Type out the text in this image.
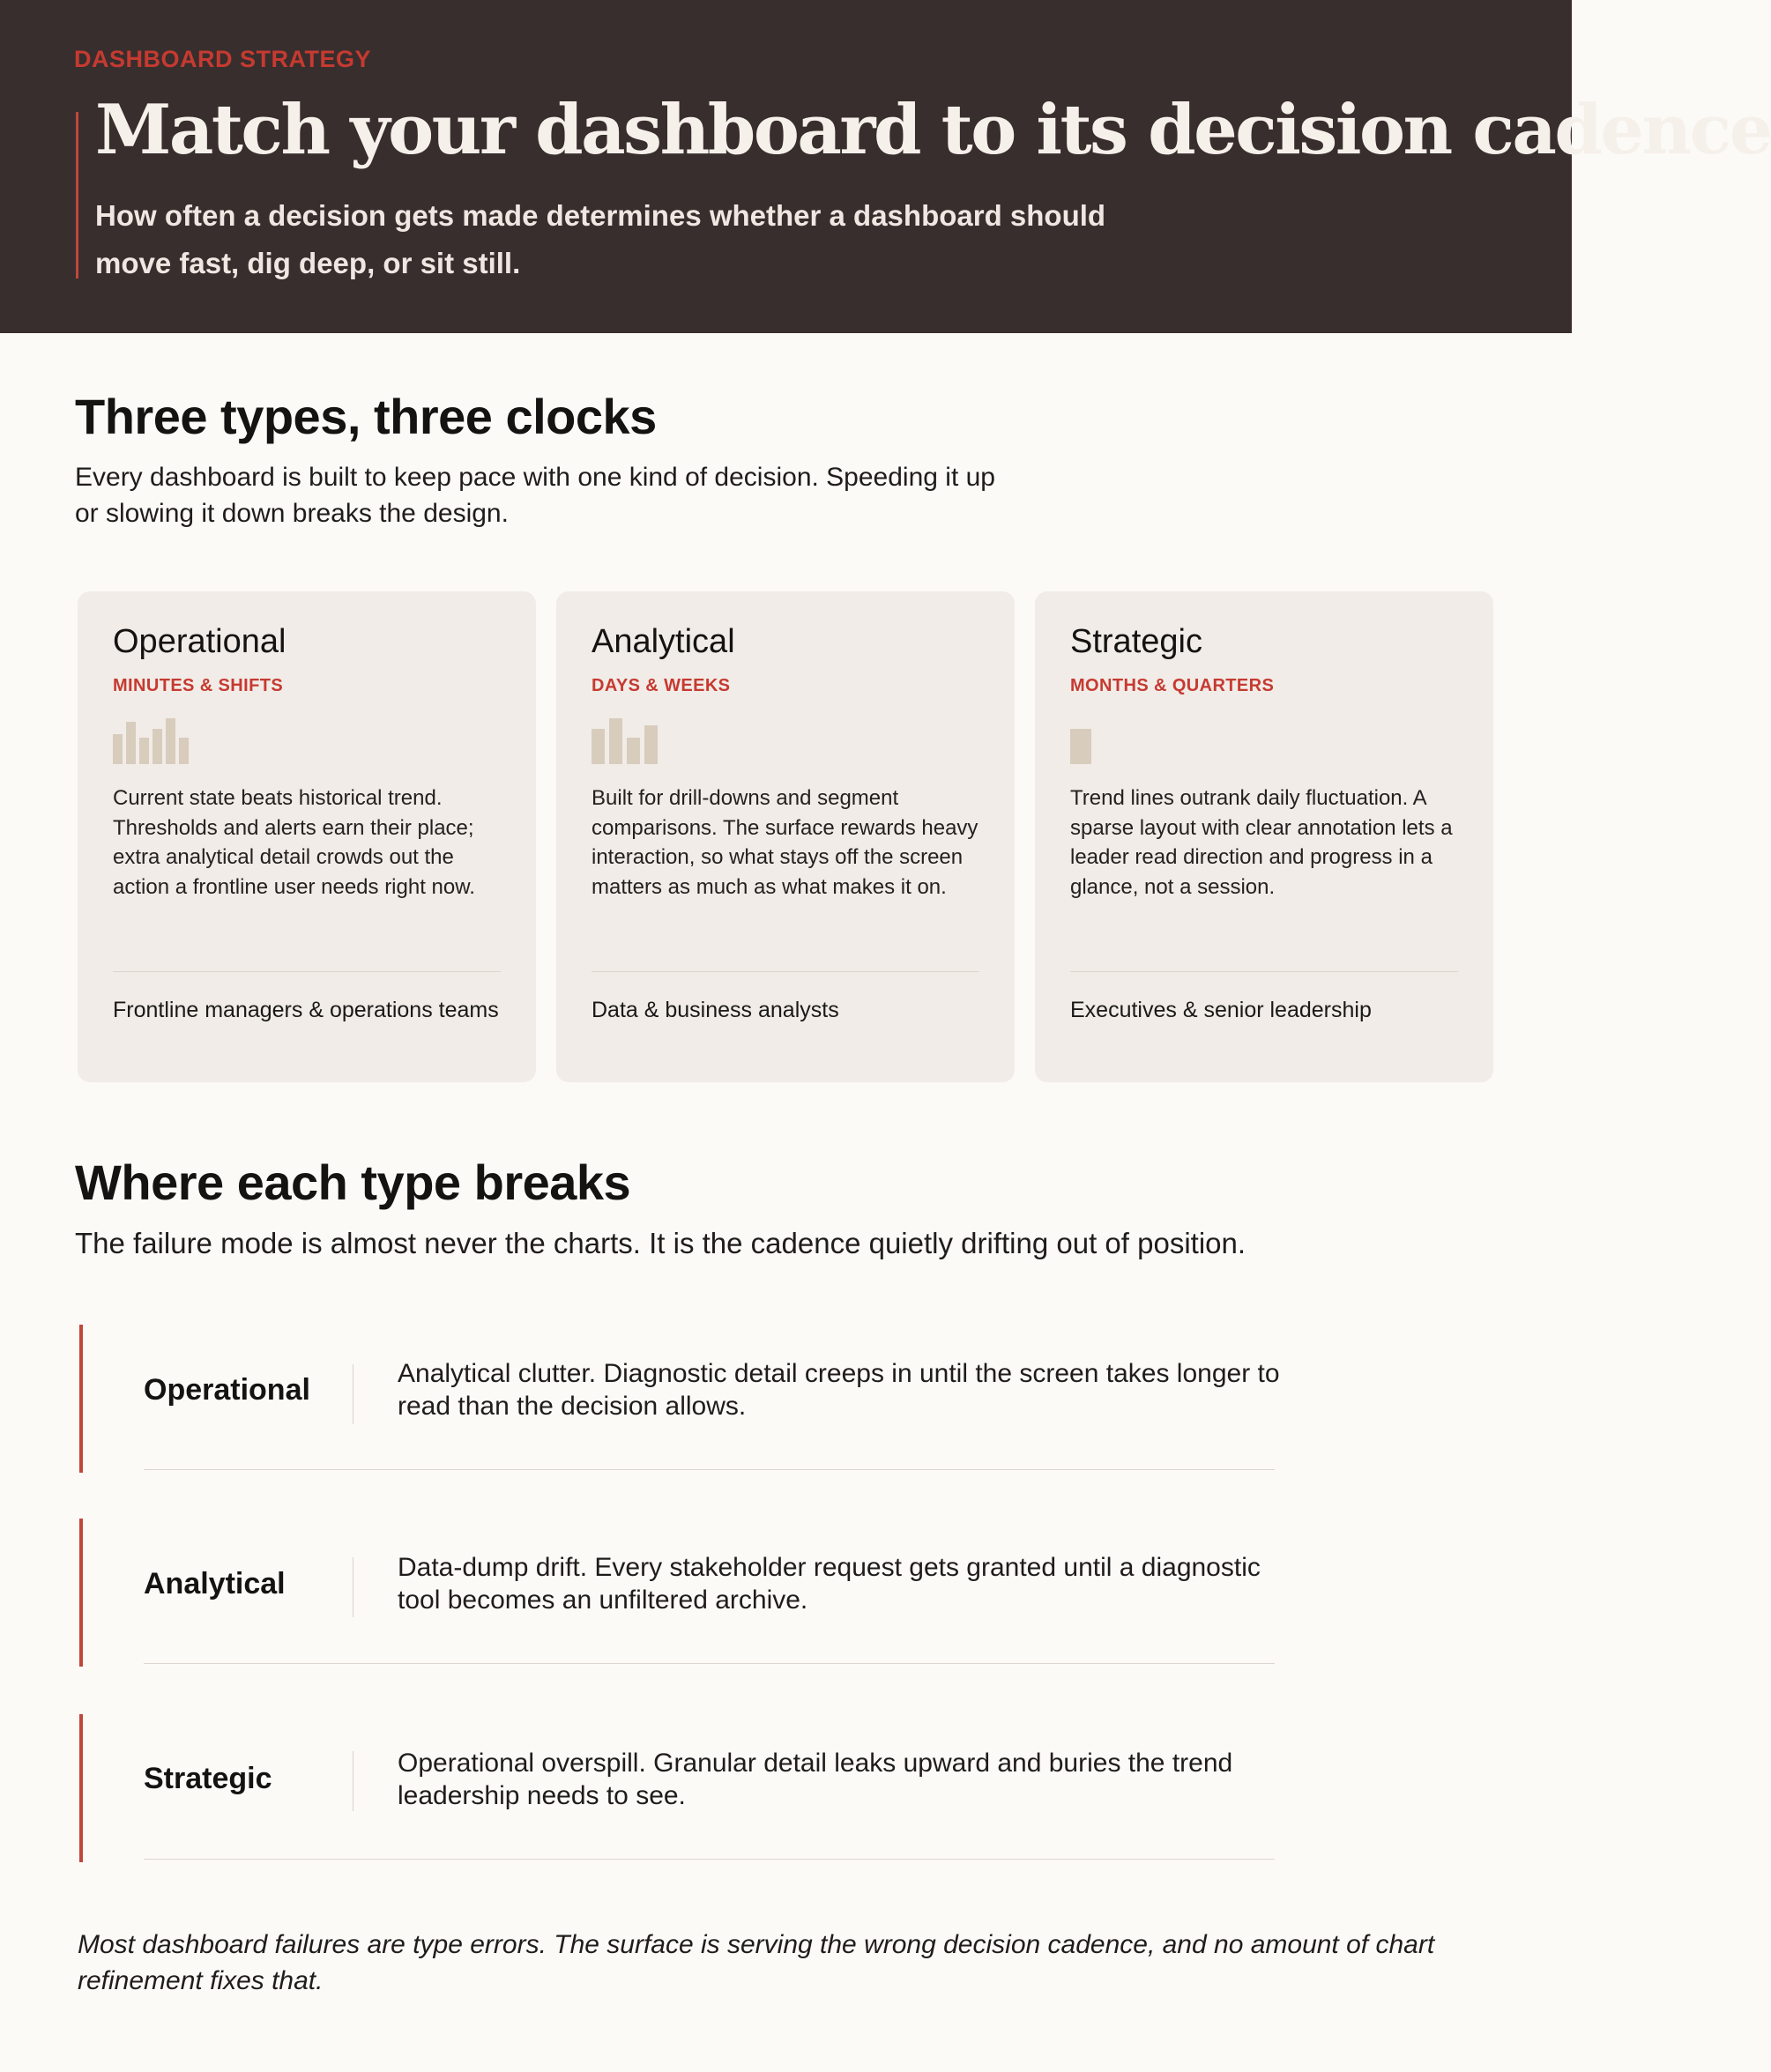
DASHBOARD STRATEGY
Match your dashboard to its decision cadence
How often a decision gets made determines whether a dashboard should move fast, dig deep, or sit still.
Three types, three clocks
Every dashboard is built to keep pace with one kind of decision. Speeding it up or slowing it down breaks the design.
Operational
MINUTES & SHIFTS
Current state beats historical trend. Thresholds and alerts earn their place; extra analytical detail crowds out the action a frontline user needs right now.
Frontline managers & operations teams
Analytical
DAYS & WEEKS
Built for drill-downs and segment comparisons. The surface rewards heavy interaction, so what stays off the screen matters as much as what makes it on.
Data & business analysts
Strategic
MONTHS & QUARTERS
Trend lines outrank daily fluctuation. A sparse layout with clear annotation lets a leader read direction and progress in a glance, not a session.
Executives & senior leadership
Where each type breaks
The failure mode is almost never the charts. It is the cadence quietly drifting out of position.
Operational	Analytical clutter. Diagnostic detail creeps in until the screen takes longer to read than the decision allows.
Analytical	Data-dump drift. Every stakeholder request gets granted until a diagnostic tool becomes an unfiltered archive.
Strategic	Operational overspill. Granular detail leaks upward and buries the trend leadership needs to see.
Most dashboard failures are type errors. The surface is serving the wrong decision cadence, and no amount of chart refinement fixes that.
